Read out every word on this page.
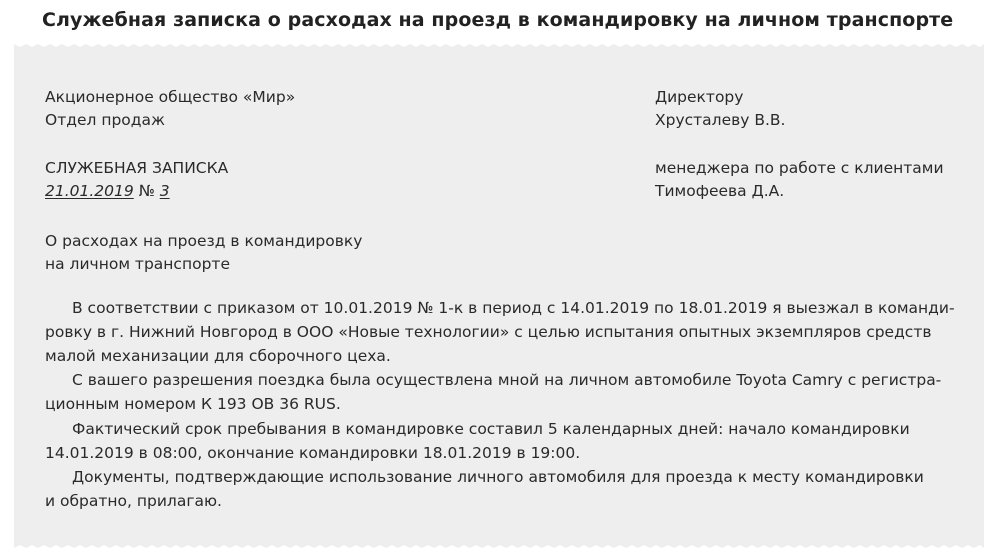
Служебная записка о расходах на проезд в командировку на личном транспорте
Акционерное общество «Мир»
Отдел продаж
Директору
Хрусталеву В.В.
СЛУЖЕБНАЯ ЗАПИСКА
21.01.2019 № 3
менеджера по работе с клиентами
Тимофеева Д.А.
О расходах на проезд в командировку
на личном транспорте
В соответствии с приказом от 10.01.2019 № 1-к в период с 14.01.2019 по 18.01.2019 я выезжал в команди-
ровку в г. Нижний Новгород в ООО «Новые технологии» с целью испытания опытных экземпляров средств
малой механизации для сборочного цеха.
С вашего разрешения поездка была осуществлена мной на личном автомобиле Toyota Camry с регистра-
ционным номером К 193 ОВ 36 RUS.
Фактический срок пребывания в командировке составил 5 календарных дней: начало командировки
14.01.2019 в 08:00, окончание командировки 18.01.2019 в 19:00.
Документы, подтверждающие использование личного автомобиля для проезда к месту командировки
и обратно, прилагаю.
